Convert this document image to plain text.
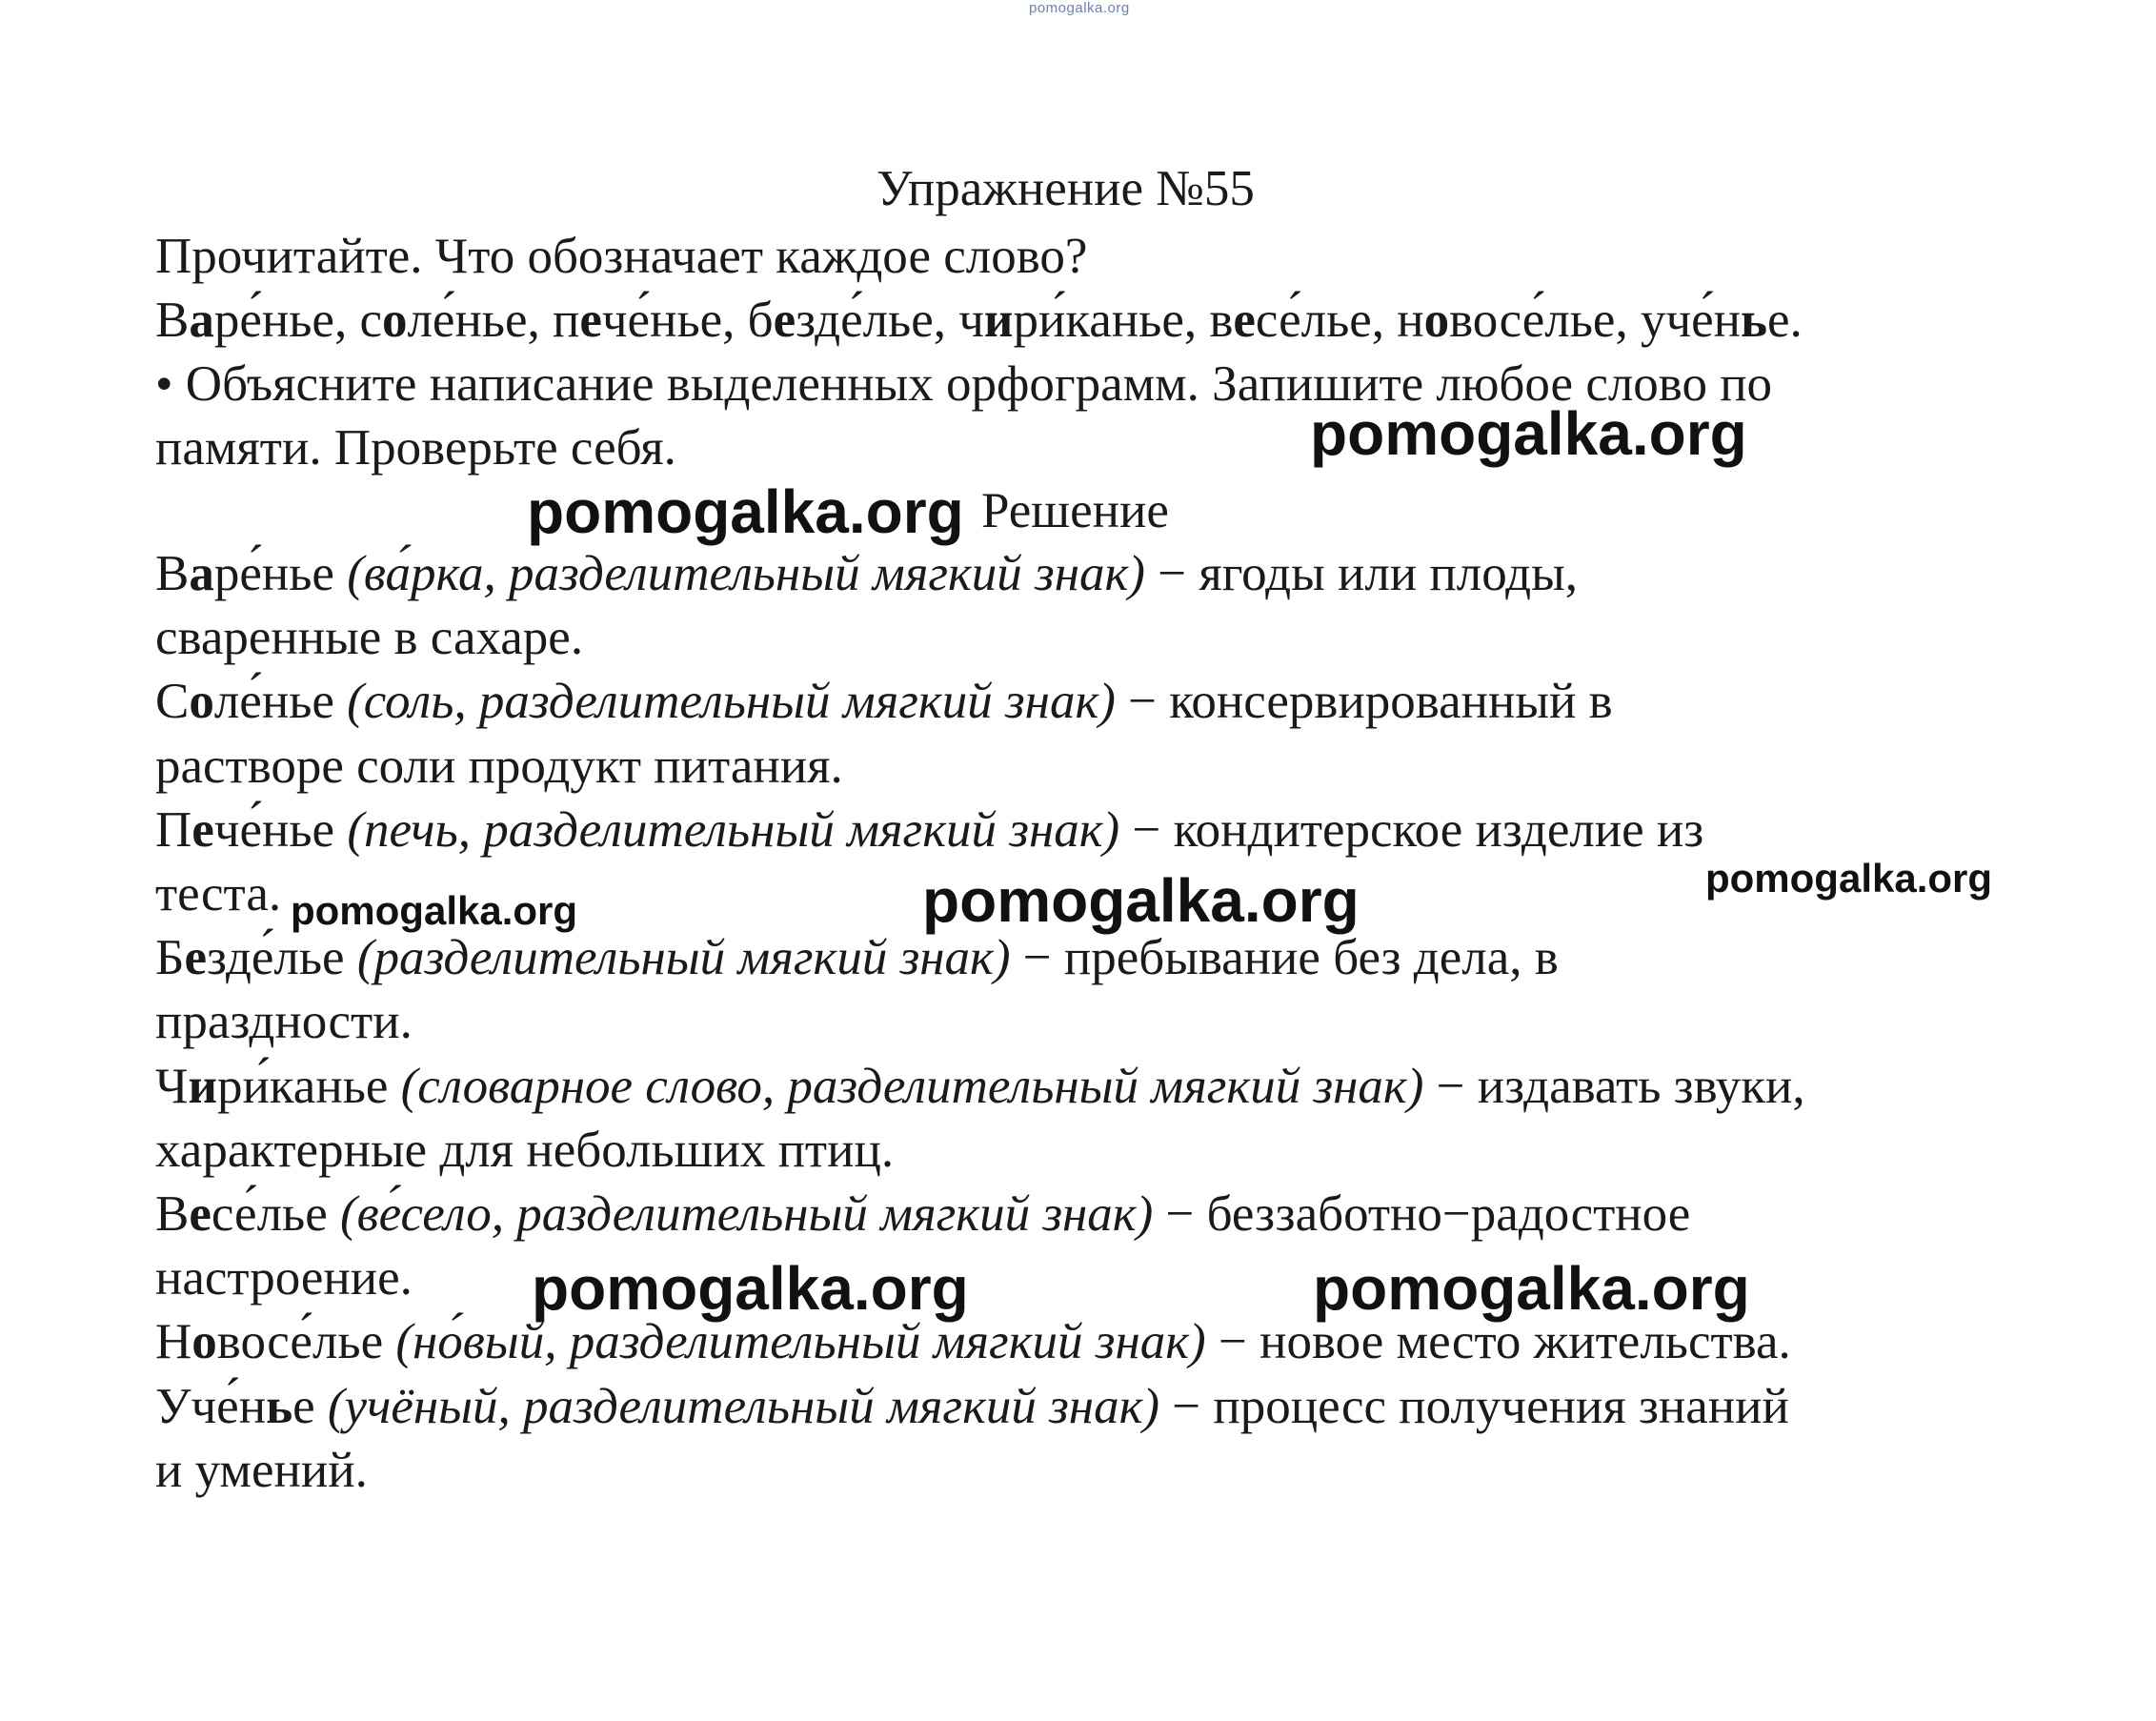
pomogalka.org
Упражнение №55
Прочитайте. Что обозначает каждое слово?
Варе́нье, соле́нье, пече́нье, безде́лье, чири́канье, весе́лье, новосе́лье, уче́нье.
• Объясните написание выделенных орфограмм. Запишите любое слово по
памяти. Проверьте себя.
Решение
Варе́нье (ва́рка, разделительный мягкий знак) − ягоды или плоды,
сваренные в сахаре.
Соле́нье (соль, разделительный мягкий знак) − консервированный в
растворе соли продукт питания.
Пече́нье (печь, разделительный мягкий знак) − кондитерское изделие из
теста.
Безде́лье (разделительный мягкий знак) − пребывание без дела, в
праздности.
Чири́канье (словарное слово, разделительный мягкий знак) − издавать звуки,
характерные для небольших птиц.
Весе́лье (ве́село, разделительный мягкий знак) − беззаботно−радостное
настроение.
Новосе́лье (но́вый, разделительный мягкий знак) − новое место жительства.
Уче́нье (учёный, разделительный мягкий знак) − процесс получения знаний
и умений.
pomogalka.org
pomogalka.org
pomogalka.org
pomogalka.org
pomogalka.org
pomogalka.org	pomogalka.org
